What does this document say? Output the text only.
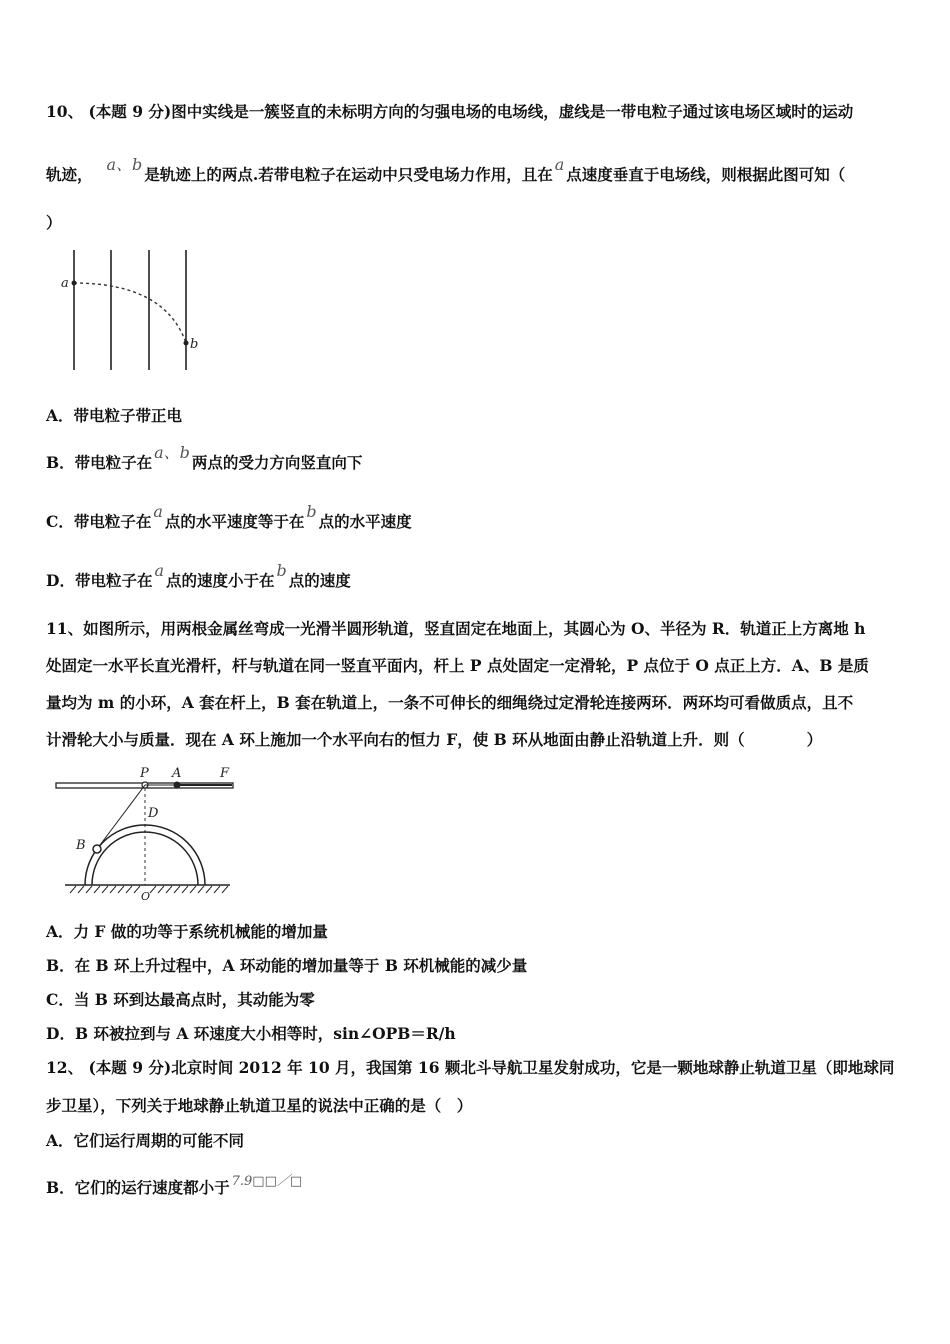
10、 (本题 9 分)图中实线是一簇竖直的未标明方向的匀强电场的电场线，虚线是一带电粒子通过该电场区域时的运动
轨迹，a、b是轨迹上的两点.若带电粒子在运动中只受电场力作用，且在a点速度垂直于电场线，则根据此图可知（
）
a
b
A．带电粒子带正电
B．带电粒子在a、b两点的受力方向竖直向下
C．带电粒子在a点的水平速度等于在b点的水平速度
D．带电粒子在a点的速度小于在b点的速度
11、如图所示，用两根金属丝弯成一光滑半圆形轨道，竖直固定在地面上，其圆心为 O、半径为 R．轨道正上方离地 h
处固定一水平长直光滑杆，杆与轨道在同一竖直平面内，杆上 P 点处固定一定滑轮，P 点位于 O 点正上方．A、B 是质
量均为 m 的小环，A 套在杆上，B 套在轨道上，一条不可伸长的细绳绕过定滑轮连接两环．两环均可看做质点，且不
计滑轮大小与质量．现在 A 环上施加一个水平向右的恒力 F，使 B 环从地面由静止沿轨道上升．则（　　　　）
P A	F
D
B
O
A．力 F 做的功等于系统机械能的增加量
B．在 B 环上升过程中，A 环动能的增加量等于 B 环机械能的减少量
C．当 B 环到达最高点时，其动能为零
D．B 环被拉到与 A 环速度大小相等时，sin∠OPB＝R/h
12、 (本题 9 分)北京时间 2012 年 10 月，我国第 16 颗北斗导航卫星发射成功，它是一颗地球静止轨道卫星（即地球同
步卫星），下列关于地球静止轨道卫星的说法中正确的是（　）
A．它们运行周期的可能不同
B．它们的运行速度都小于 $^{7.9□□/□}$
